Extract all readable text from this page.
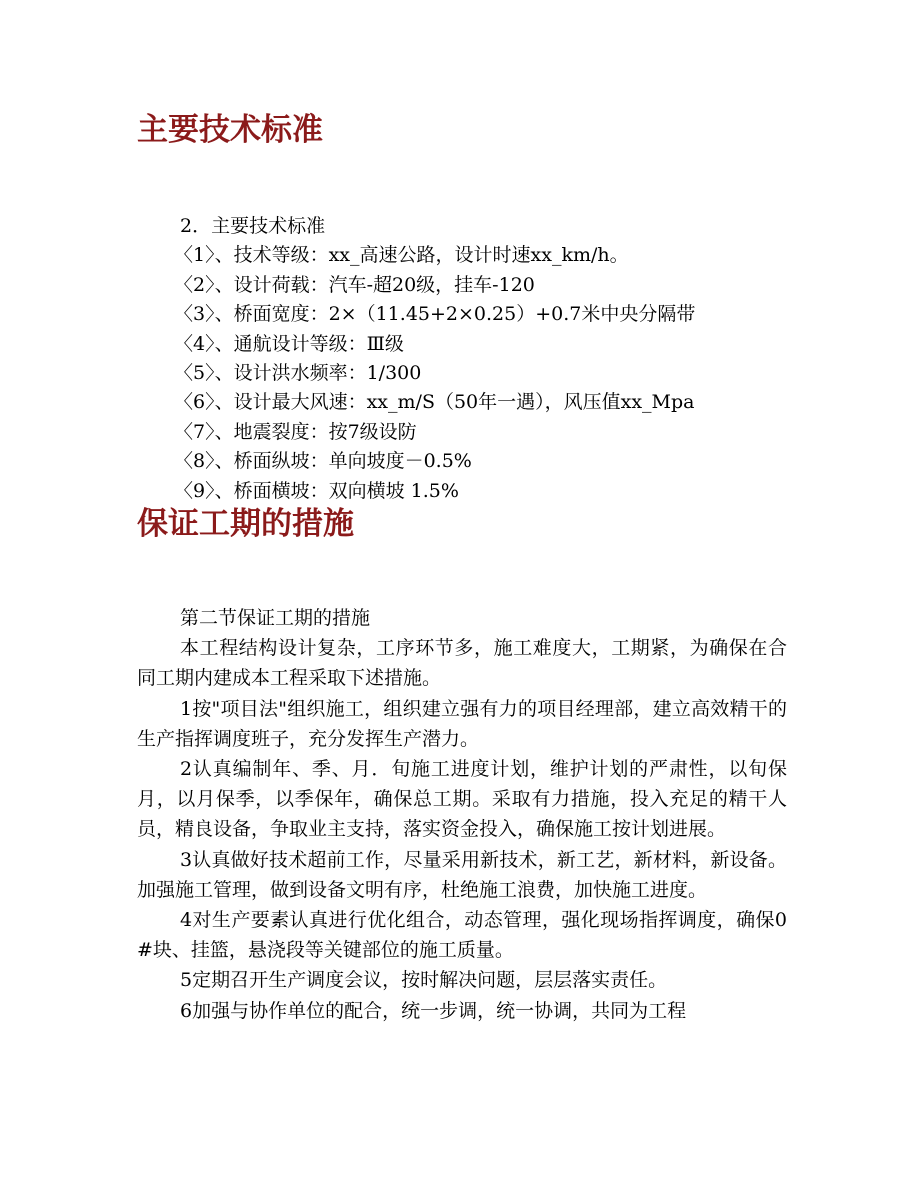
主要技术标准
2．主要技术标准
〈1〉、技术等级：xx_高速公路，设计时速xx_km/h。
〈2〉、设计荷载：汽车-超20级，挂车-120
〈3〉、桥面宽度：2×（11.45+2×0.25）+0.7米中央分隔带
〈4〉、通航设计等级：Ⅲ级
〈5〉、设计洪水频率：1/300
〈6〉、设计最大风速：xx_m/S（50年一遇），风压值xx_Mpa
〈7〉、地震裂度：按7级设防
〈8〉、桥面纵坡：单向坡度－0.5%
〈9〉、桥面横坡：双向横坡 1.5%
保证工期的措施

第二节保证工期的措施

本工程结构设计复杂，工序环节多，施工难度大，工期紧，为确保在合同工期内建成本工程采取下述措施。

1按"项目法"组织施工，组织建立强有力的项目经理部，建立高效精干的生产指挥调度班子，充分发挥生产潜力。

2认真编制年、季、月．旬施工进度计划，维护计划的严肃性，以旬保月，以月保季，以季保年，确保总工期。采取有力措施，投入充足的精干人员，精良设备，争取业主支持，落实资金投入，确保施工按计划进展。

3认真做好技术超前工作，尽量采用新技术，新工艺，新材料，新设备。加强施工管理，做到设备文明有序，杜绝施工浪费，加快施工进度。

4对生产要素认真进行优化组合，动态管理，强化现场指挥调度，确保0#块、挂篮，悬浇段等关键部位的施工质量。

5定期召开生产调度会议，按时解决问题，层层落实责任。

6加强与协作单位的配合，统一步调，统一协调，共同为工程
